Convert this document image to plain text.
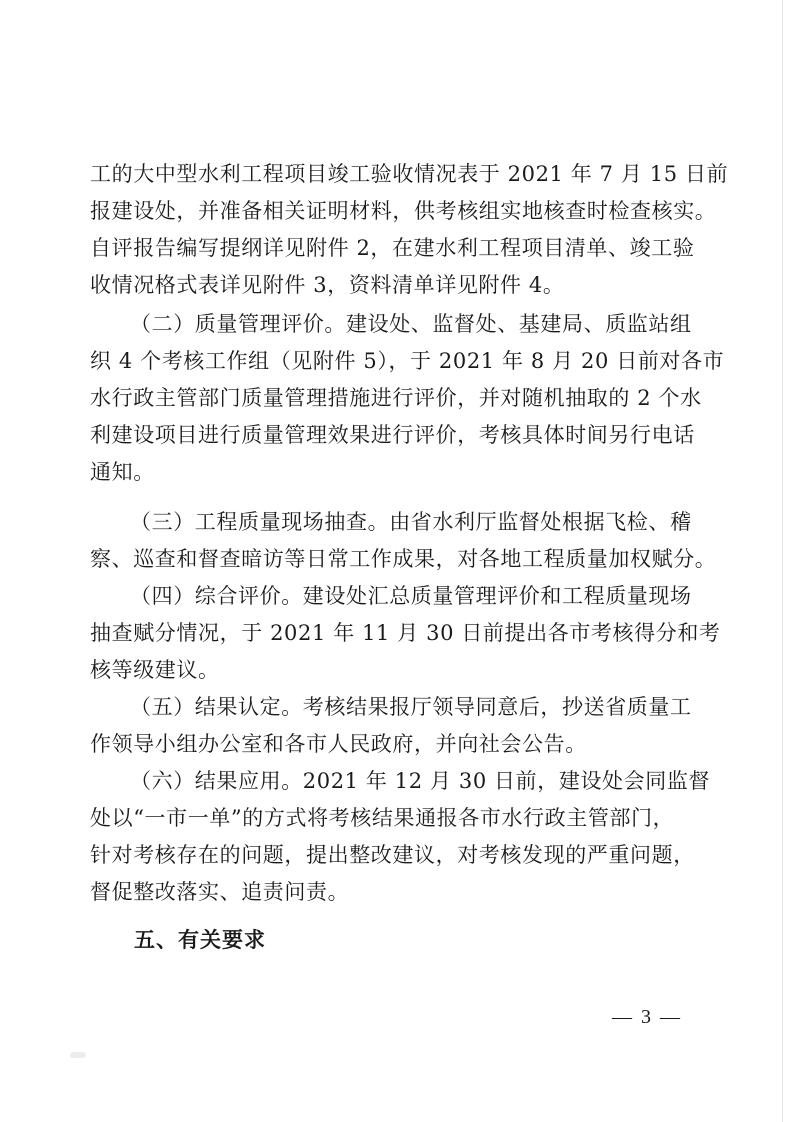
工的大中型水利工程项目竣工验收情况表于 2021 年 7 月 15 日前
报建设处，并准备相关证明材料，供考核组实地核查时检查核实。
自评报告编写提纲详见附件 2，在建水利工程项目清单、竣工验
收情况格式表详见附件 3，资料清单详见附件 4。
（二）质量管理评价。建设处、监督处、基建局、质监站组
织 4 个考核工作组（见附件 5），于 2021 年 8 月 20 日前对各市
水行政主管部门质量管理措施进行评价，并对随机抽取的 2 个水
利建设项目进行质量管理效果进行评价，考核具体时间另行电话
通知。
（三）工程质量现场抽查。由省水利厅监督处根据飞检、稽
察、巡查和督查暗访等日常工作成果，对各地工程质量加权赋分。
（四）综合评价。建设处汇总质量管理评价和工程质量现场
抽查赋分情况，于 2021 年 11 月 30 日前提出各市考核得分和考
核等级建议。
（五）结果认定。考核结果报厅领导同意后，抄送省质量工
作领导小组办公室和各市人民政府，并向社会公告。
（六）结果应用。2021 年 12 月 30 日前，建设处会同监督
处以“一市一单”的方式将考核结果通报各市水行政主管部门，
针对考核存在的问题，提出整改建议，对考核发现的严重问题，
督促整改落实、追责问责。
五、有关要求
— 3 —
